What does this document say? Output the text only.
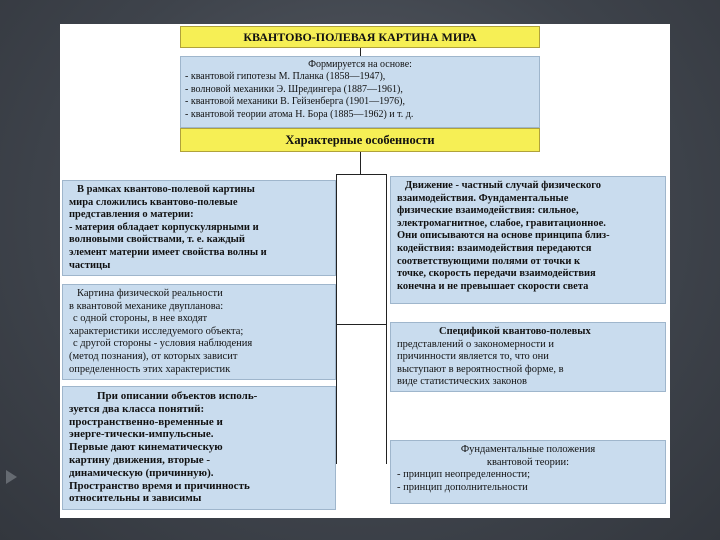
КВАНТОВО-ПОЛЕВАЯ КАРТИНА МИРА
Формируется на основе:
- квантовой гипотезы М. Планка (1858—1947),
- волновой механики Э. Шредингера (1887—1961),
- квантовой механики В. Гейзенберга (1901—1976),
- квантовой теории атома Н. Бора (1885—1962) и т. д.
Характерные особенности
В рамках квантово-полевой картины
мира сложились квантово-полевые
представления о материи:
- материя обладает корпускулярными и
волновыми свойствами, т. е. каждый
элемент материи имеет свойства волны и
частицы
Картина физической реальности
в квантовой механике двупланова:
с одной стороны, в нее входят
характеристики исследуемого объекта;
с другой стороны - условия наблюдения
(метод познания), от которых зависит
определенность этих характеристик
При описании объектов исполь-
зуется два класса понятий:
пространственно-временные и
энерге-тически-импульсные.
Первые дают кинематическую
картину движения, вторые -
динамическую (причинную).
Пространство время и причинность
относительны и зависимы
Движение - частный случай физического
взаимодействия. Фундаментальные
физические взаимодействия: сильное,
электромагнитное, слабое, гравитационное.
Они описываются на основе принципа близ-
кодействия: взаимодействия передаются
соответствующими полями от точки к
точке, скорость передачи взаимодействия
конечна и не превышает скорости света
Спецификой квантово-полевых
представлений о закономерности и
причинности является то, что они
выступают в вероятностной форме, в
виде статистических законов
Фундаментальные положения
квантовой теории:
- принцип неопределенности;
- принцип дополнительности
